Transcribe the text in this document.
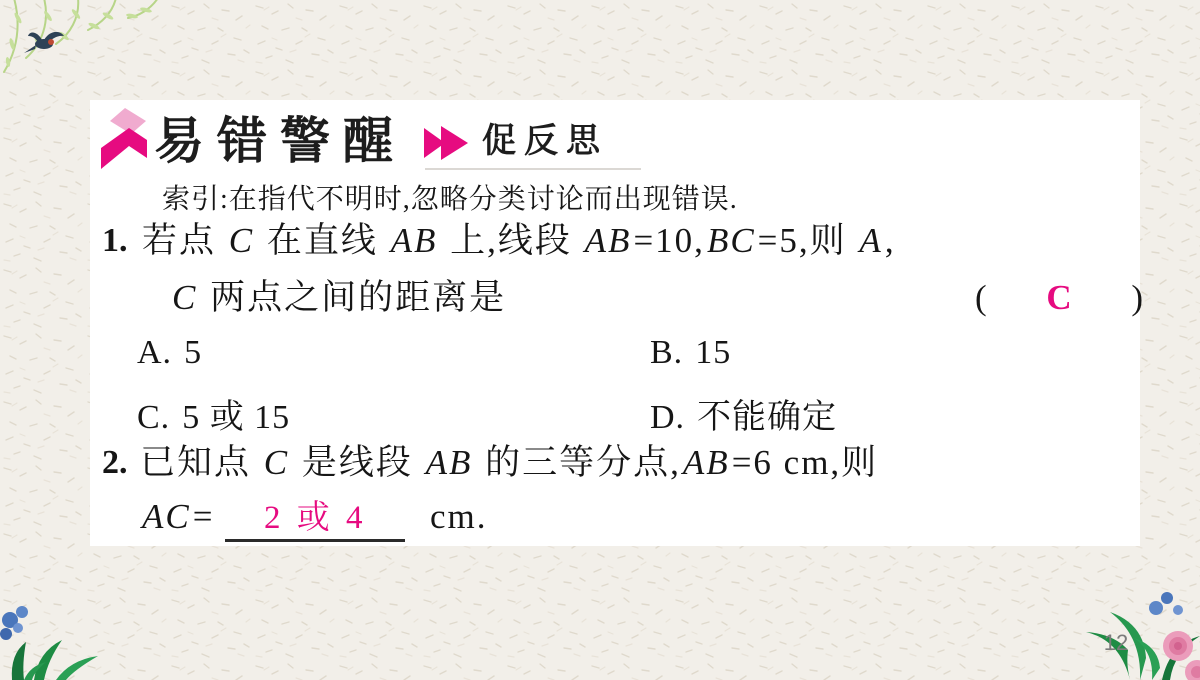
易错警醒 促反思
索引:在指代不明时,忽略分类讨论而出现错误.
1. 若点 C 在直线 AB 上,线段 AB=10,BC=5,则 A,
C 两点之间的距离是	( C )
A. 5	B. 15
C. 5 或 15	D. 不能确定
2. 已知点 C 是线段 AB 的三等分点,AB=6 cm,则
AC= 2 或 4 cm.
12
